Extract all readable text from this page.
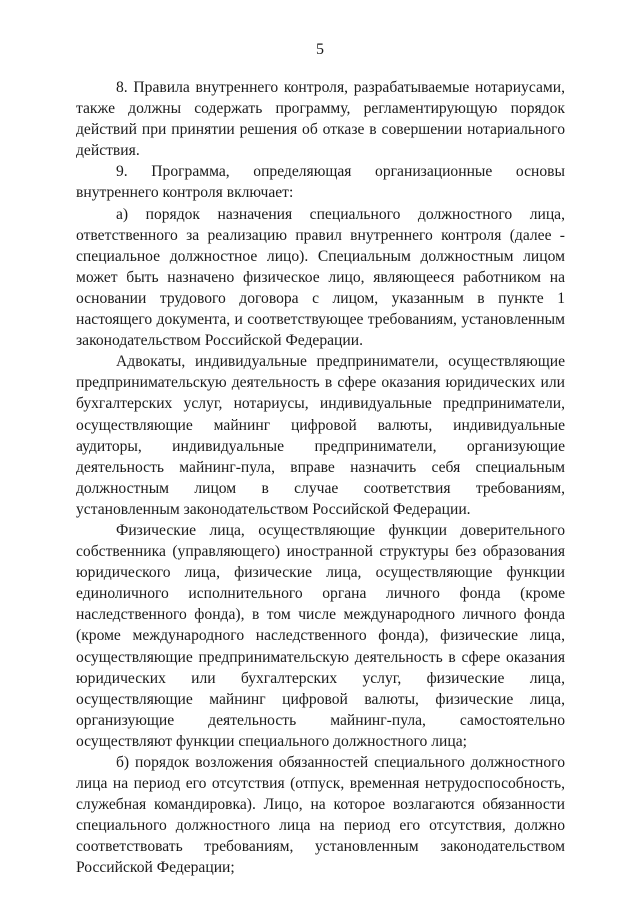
5

8. Правила внутреннего контроля, разрабатываемые нотариусами, также должны содержать программу, регламентирующую порядок действий при принятии решения об отказе в совершении нотариального действия.

9. Программа, определяющая организационные основы внутреннего контроля включает:

а) порядок назначения специального должностного лица, ответственного за реализацию правил внутреннего контроля (далее - специальное должностное лицо). Специальным должностным лицом может быть назначено физическое лицо, являющееся работником на основании трудового договора с лицом, указанным в пункте 1 настоящего документа, и соответствующее требованиям, установленным законодательством Российской Федерации.

Адвокаты, индивидуальные предприниматели, осуществляющие предпринимательскую деятельность в сфере оказания юридических или бухгалтерских услуг, нотариусы, индивидуальные предприниматели, осуществляющие майнинг цифровой валюты, индивидуальные аудиторы, индивидуальные предприниматели, организующие деятельность майнинг-пула, вправе назначить себя специальным должностным лицом в случае соответствия требованиям, установленным законодательством Российской Федерации.

Физические лица, осуществляющие функции доверительного собственника (управляющего) иностранной структуры без образования юридического лица, физические лица, осуществляющие функции единоличного исполнительного органа личного фонда (кроме наследственного фонда), в том числе международного личного фонда (кроме международного наследственного фонда), физические лица, осуществляющие предпринимательскую деятельность в сфере оказания юридических или бухгалтерских услуг, физические лица, осуществляющие майнинг цифровой валюты, физические лица, организующие деятельность майнинг-пула, самостоятельно осуществляют функции специального должностного лица;

б) порядок возложения обязанностей специального должностного лица на период его отсутствия (отпуск, временная нетрудоспособность, служебная командировка). Лицо, на которое возлагаются обязанности специального должностного лица на период его отсутствия, должно соответствовать требованиям, установленным законодательством Российской Федерации;
